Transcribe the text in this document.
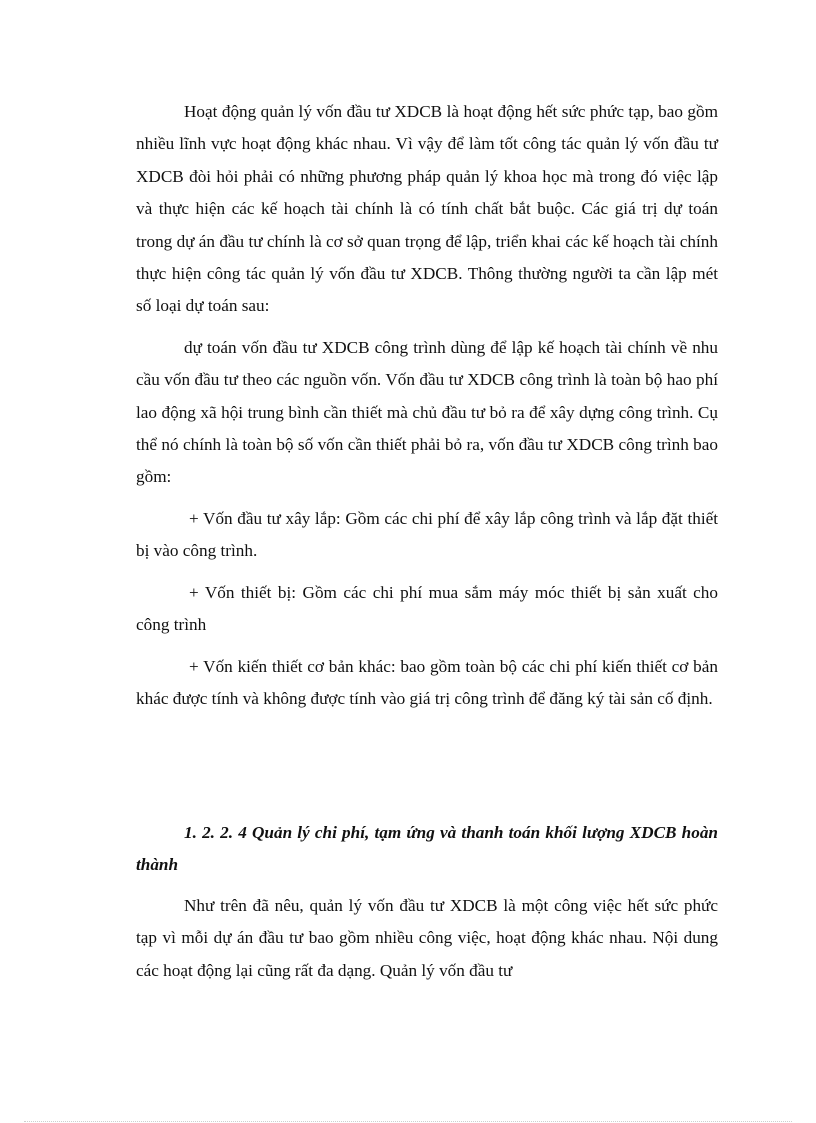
Hoạt động quản lý vốn đầu tư XDCB là hoạt động hết sức phức tạp, bao gồm nhiều lĩnh vực hoạt động khác nhau. Vì vậy để làm tốt công tác quản lý vốn đầu tư XDCB đòi hỏi phải có những phương pháp quản lý khoa học mà trong đó việc lập và thực hiện các kế hoạch tài chính là có tính chất bắt buộc. Các giá trị dự toán trong dự án đầu tư chính là cơ sở quan trọng để lập, triển khai các kế hoạch tài chính thực hiện công tác quản lý vốn đầu tư XDCB. Thông thường người ta cần lập mét số loại dự toán sau:

dự toán vốn đầu tư XDCB công trình dùng để lập kế hoạch tài chính về nhu cầu vốn đầu tư theo các nguồn vốn. Vốn đầu tư XDCB công trình là toàn bộ hao phí lao động xã hội trung bình cần thiết mà chủ đầu tư bỏ ra để xây dựng công trình. Cụ thể nó chính là toàn bộ số vốn cần thiết phải bỏ ra, vốn đầu tư XDCB công trình bao gồm:

+ Vốn đầu tư xây lắp: Gồm các chi phí để xây lắp công trình và lắp đặt thiết bị vào công trình.

+ Vốn thiết bị: Gồm các chi phí mua sắm máy móc thiết bị sản xuất cho công trình

+ Vốn kiến thiết cơ bản khác: bao gồm toàn bộ các chi phí kiến thiết cơ bản khác được tính và không được tính vào giá trị công trình để đăng ký tài sản cố định.

1. 2. 2. 4 Quản lý chi phí, tạm ứng và thanh toán khối lượng XDCB hoàn thành

Như trên đã nêu, quản lý vốn đầu tư XDCB là một công việc hết sức phức tạp vì mỗi dự án đầu tư bao gồm nhiều công việc, hoạt động khác nhau. Nội dung các hoạt động lại cũng rất đa dạng. Quản lý vốn đầu tư
